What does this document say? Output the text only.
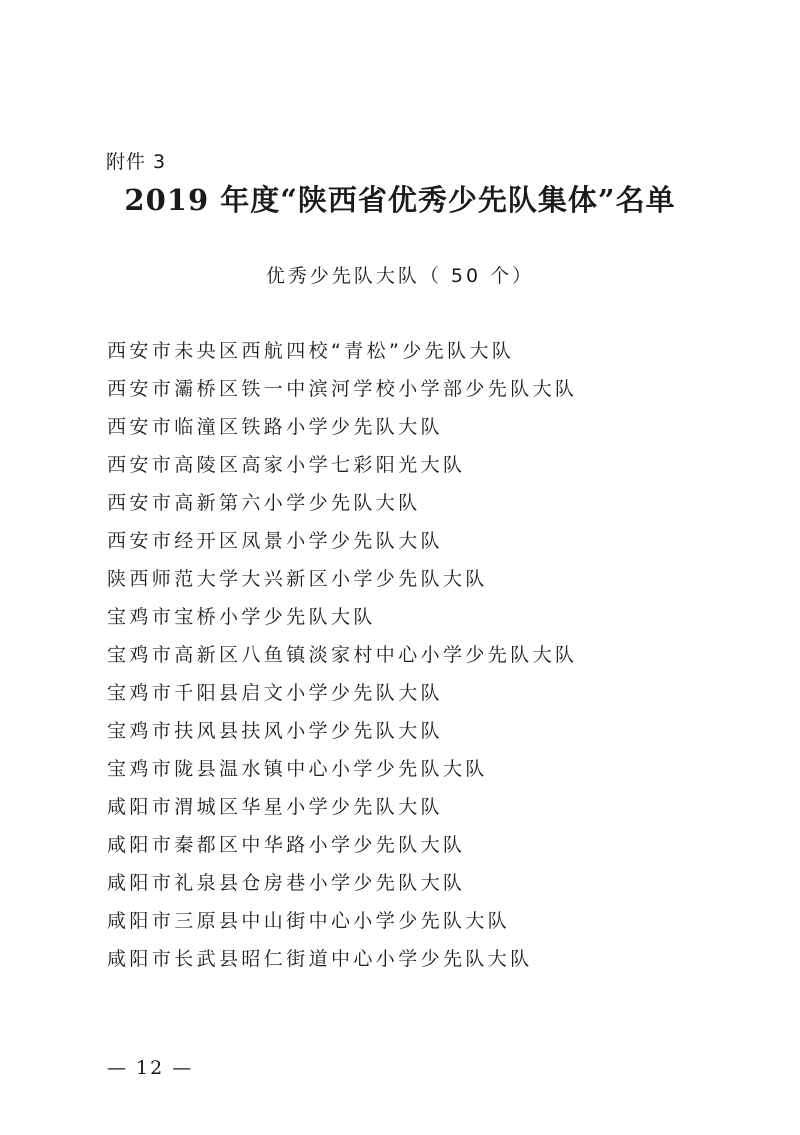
附件 3
2019 年度“陕西省优秀少先队集体”名单
优秀少先队大队（ 50 个）
西安市未央区西航四校“青松”少先队大队
西安市灞桥区铁一中滨河学校小学部少先队大队
西安市临潼区铁路小学少先队大队
西安市高陵区高家小学七彩阳光大队
西安市高新第六小学少先队大队
西安市经开区凤景小学少先队大队
陕西师范大学大兴新区小学少先队大队
宝鸡市宝桥小学少先队大队
宝鸡市高新区八鱼镇淡家村中心小学少先队大队
宝鸡市千阳县启文小学少先队大队
宝鸡市扶风县扶风小学少先队大队
宝鸡市陇县温水镇中心小学少先队大队
咸阳市渭城区华星小学少先队大队
咸阳市秦都区中华路小学少先队大队
咸阳市礼泉县仓房巷小学少先队大队
咸阳市三原县中山街中心小学少先队大队
咸阳市长武县昭仁街道中心小学少先队大队
— 12 —
